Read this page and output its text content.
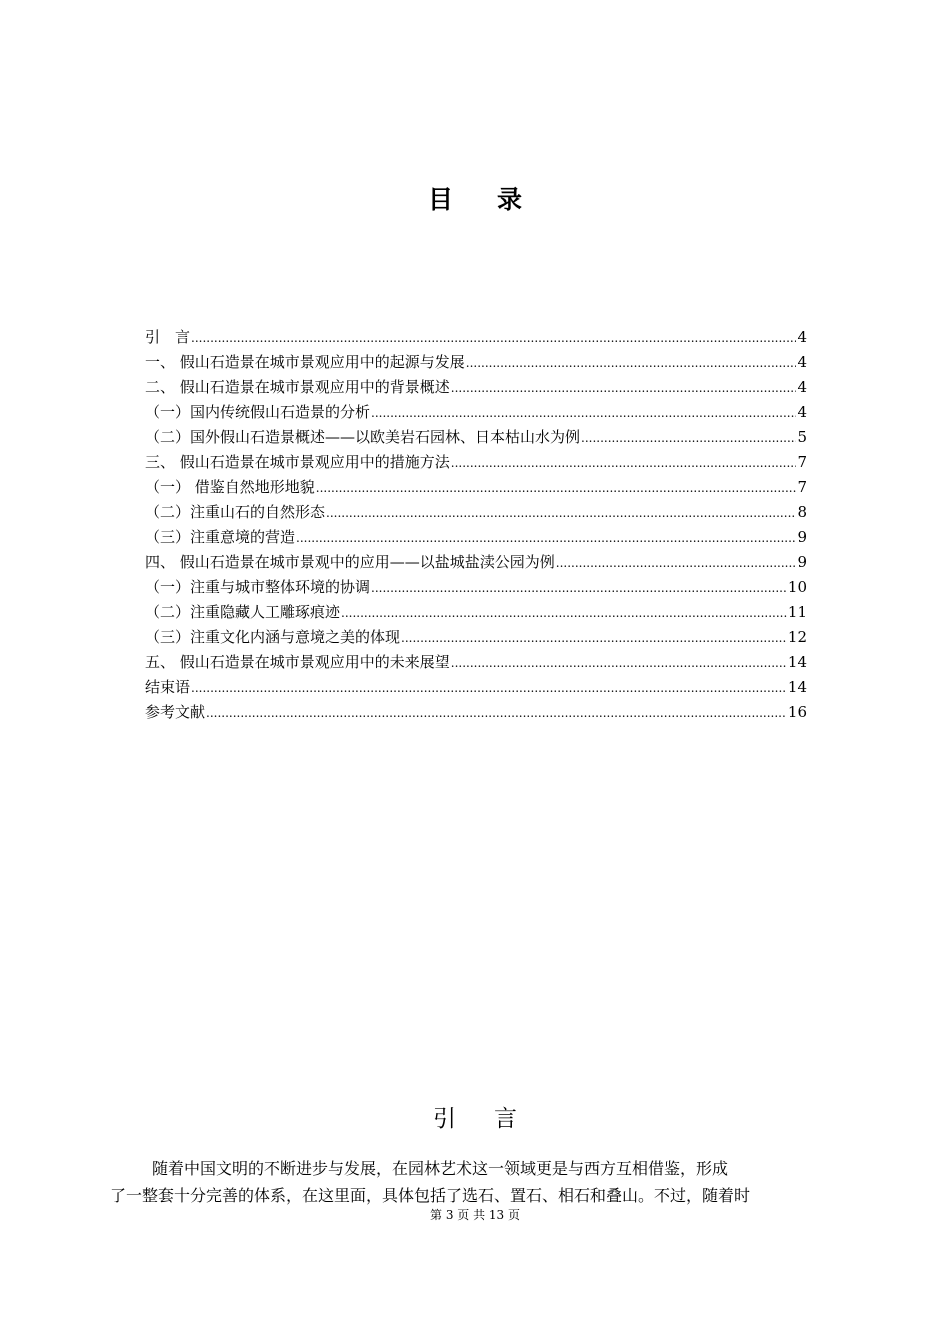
目录
引　言 .....	4
一、 假山石造景在城市景观应用中的起源与发展 .....	4
二、 假山石造景在城市景观应用中的背景概述 .....	4
（一）国内传统假山石造景的分析 .....	4
（二）国外假山石造景概述——以欧美岩石园林、日本枯山水为例 .....	5
三、 假山石造景在城市景观应用中的措施方法 .....	7
（一） 借鉴自然地形地貌 .....	7
（二）注重山石的自然形态 .....	8
（三）注重意境的营造 .....	9
四、 假山石造景在城市景观中的应用——以盐城盐渎公园为例 .....	9
（一）注重与城市整体环境的协调 .....	10
（二）注重隐藏人工雕琢痕迹 .....	11
（三）注重文化内涵与意境之美的体现 .....	12
五、 假山石造景在城市景观应用中的未来展望 .....	14
结束语 .....	14
参考文献 .....	16
引言
随着中国文明的不断进步与发展，在园林艺术这一领域更是与西方互相借鉴，形成
了一整套十分完善的体系，在这里面，具体包括了选石、置石、相石和叠山。不过，随着时
第 3 页 共 13 页
